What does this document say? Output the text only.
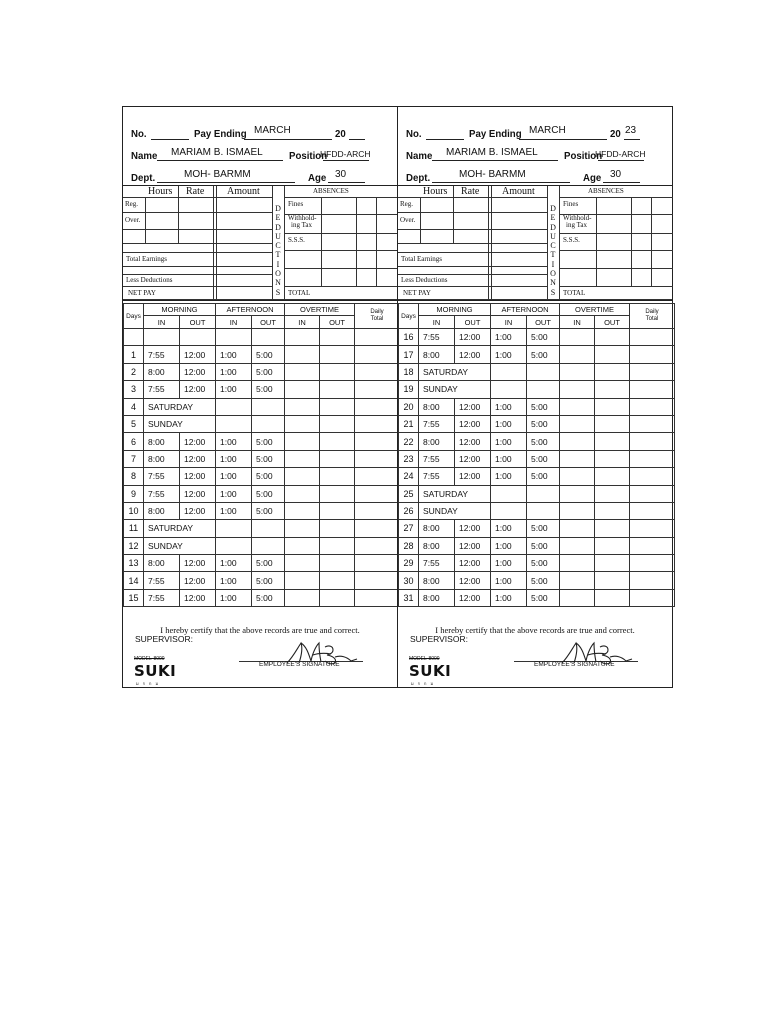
No.	Pay Ending MARCH	20
Name MARIAM B. ISMAEL	Position
HFDD-ARCH
Dept.	MOH- BARMM	Age 30
Hours Rate Amount	ABSENCES
Reg.
Over.
Total Earnings
Less Deductions
NET PAY
Fines
Withhold-
ing Tax
S.S.S.
TOTAL
D
E
D
U
C
T
I
O
N
S
Days	MORNING		AFTERNOON		OVERTIME		Daily
Total
	IN	OUT	IN	OUT	IN	OUT	

1	7:55	12:00	1:00	5:00			
2	8:00	12:00	1:00	5:00			
3	7:55	12:00	1:00	5:00			
4	SATURDAY						
5	SUNDAY						
6	8:00	12:00	1:00	5:00			
7	8:00	12:00	1:00	5:00			
8	7:55	12:00	1:00	5:00			
9	7:55	12:00	1:00	5:00			
10	8:00	12:00	1:00	5:00			
11	SATURDAY						
12	SUNDAY						
13	8:00	12:00	1:00	5:00			
14	7:55	12:00	1:00	5:00			
15	7:55	12:00	1:00	5:00			
I hereby certify that the above records are true and correct.
SUPERVISOR:
MODEL-8000
EMPLOYEE'S SIGNATURE
SUKI
ม ร ก ม
No.	Pay Ending MARCH	20 23
Name MARIAM B. ISMAEL	Position
HFDD-ARCH
Dept.	MOH- BARMM	Age 30
Hours Rate Amount	ABSENCES
Reg.
Over.
Total Earnings
Less Deductions
NET PAY
Fines
Withhold-
ing Tax
S.S.S.
TOTAL
D
E
D
U
C
T
I
O
N
S
Days	MORNING		AFTERNOON		OVERTIME		Daily
Total
	IN	OUT	IN	OUT	IN	OUT	
16	7:55	12:00	1:00	5:00			
17	8:00	12:00	1:00	5:00			
18	SATURDAY						
19	SUNDAY						
20	8:00	12:00	1:00	5:00			
21	7:55	12:00	1:00	5:00			
22	8:00	12:00	1:00	5:00			
23	7:55	12:00	1:00	5:00			
24	7:55	12:00	1:00	5:00			
25	SATURDAY						
26	SUNDAY						
27	8:00	12:00	1:00	5:00			
28	8:00	12:00	1:00	5:00			
29	7:55	12:00	1:00	5:00			
30	8:00	12:00	1:00	5:00			
31	8:00	12:00	1:00	5:00			
I hereby certify that the above records are true and correct.
SUPERVISOR:
MODEL-8000
EMPLOYEE'S SIGNATURE
SUKI
ม ร ก ม
